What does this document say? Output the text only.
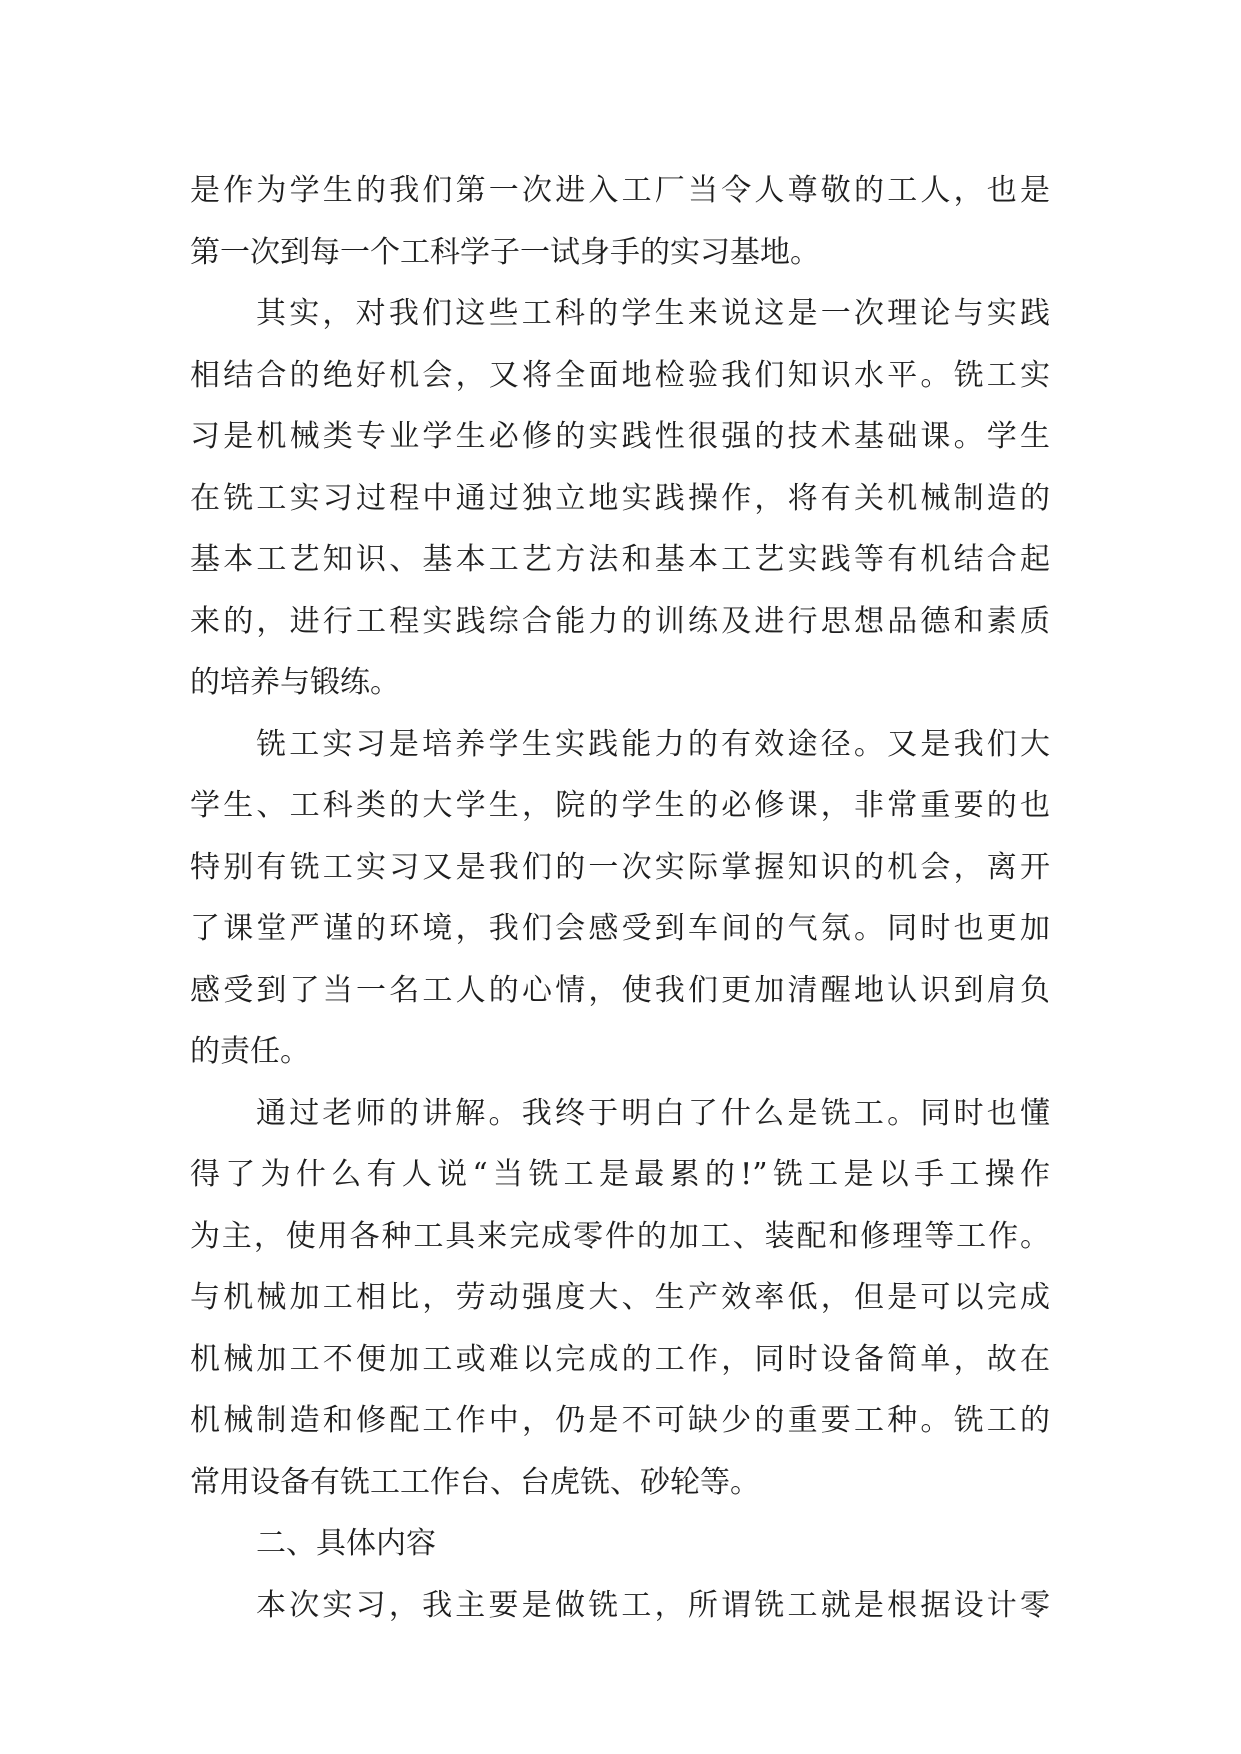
是作为学生的我们第一次进入工厂当令人尊敬的工人，也是
第一次到每一个工科学子一试身手的实习基地。
其实，对我们这些工科的学生来说这是一次理论与实践
相结合的绝好机会，又将全面地检验我们知识水平。铣工实
习是机械类专业学生必修的实践性很强的技术基础课。学生
在铣工实习过程中通过独立地实践操作，将有关机械制造的
基本工艺知识、基本工艺方法和基本工艺实践等有机结合起
来的，进行工程实践综合能力的训练及进行思想品德和素质
的培养与锻练。
铣工实习是培养学生实践能力的有效途径。又是我们大
学生、工科类的大学生，院的学生的必修课，非常重要的也
特别有铣工实习又是我们的一次实际掌握知识的机会，离开
了课堂严谨的环境，我们会感受到车间的气氛。同时也更加
感受到了当一名工人的心情，使我们更加清醒地认识到肩负
的责任。
通过老师的讲解。我终于明白了什么是铣工。同时也懂
得了为什么有人说“当铣工是最累的!”铣工是以手工操作
为主，使用各种工具来完成零件的加工、装配和修理等工作。
与机械加工相比，劳动强度大、生产效率低，但是可以完成
机械加工不便加工或难以完成的工作，同时设备简单，故在
机械制造和修配工作中，仍是不可缺少的重要工种。铣工的
常用设备有铣工工作台、台虎铣、砂轮等。
二、具体内容
本次实习，我主要是做铣工，所谓铣工就是根据设计零
